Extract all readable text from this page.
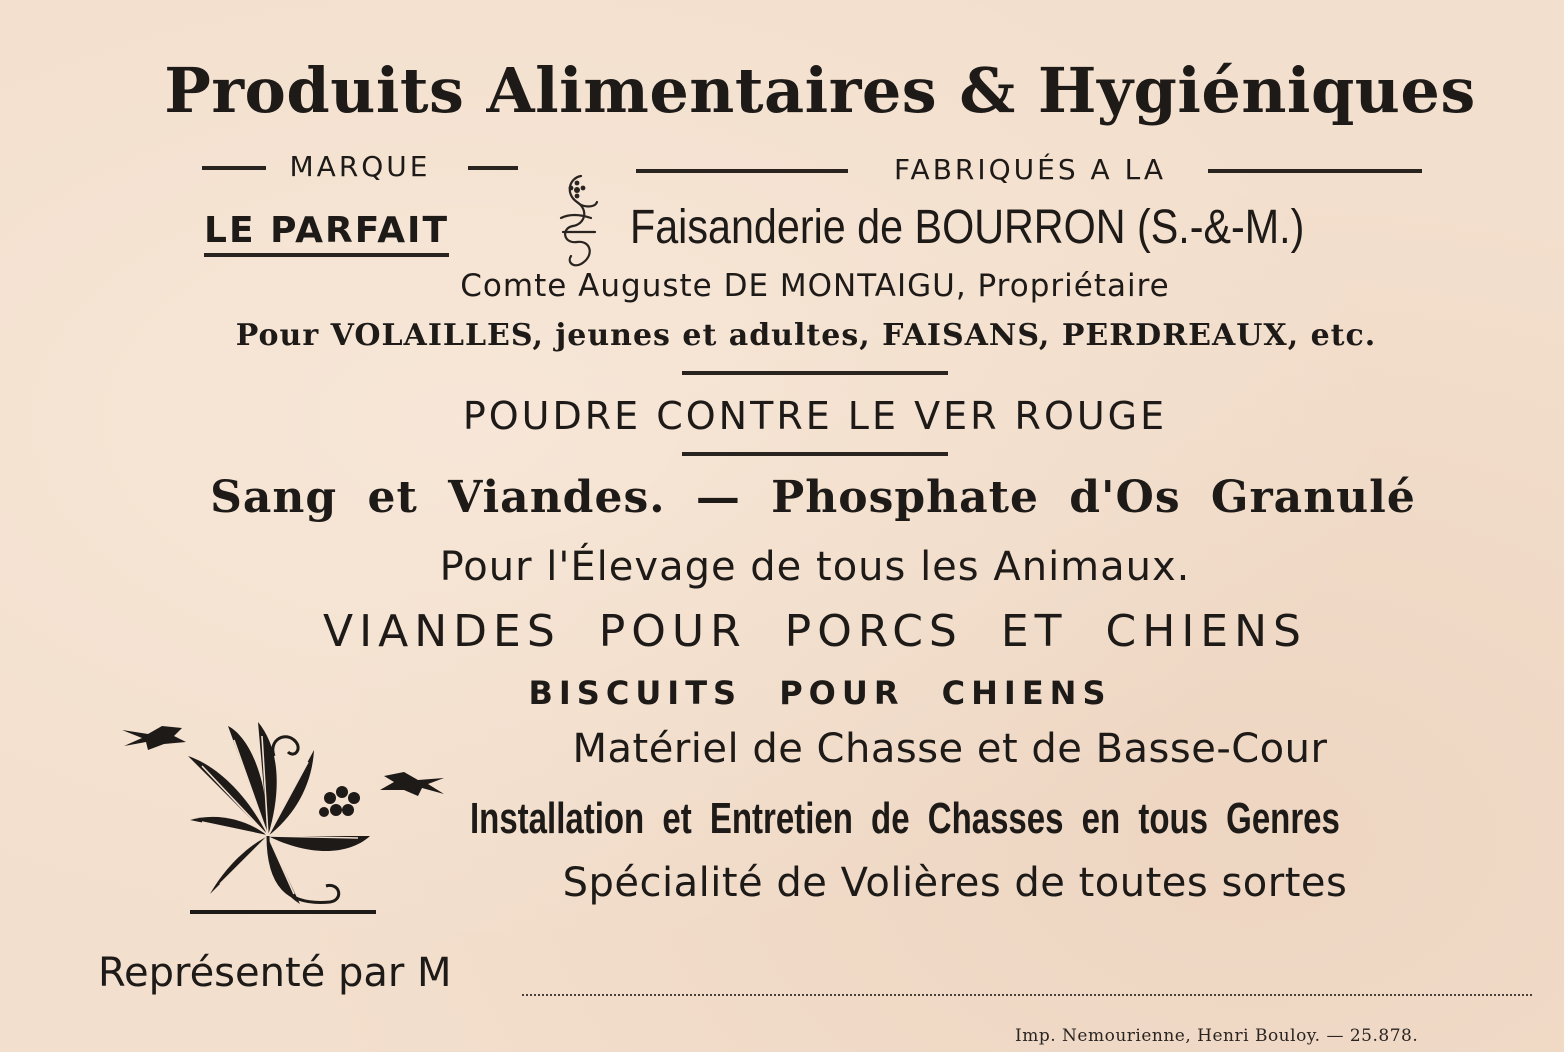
Produits Alimentaires & Hygiéniques
MARQUE	FABRIQUÉS A LA
LE PARFAIT	Faisanderie de BOURRON (S.-&-M.)
Comte Auguste DE MONTAIGU, Propriétaire
Pour VOLAILLES, jeunes et adultes, FAISANS, PERDREAUX, etc.
POUDRE CONTRE LE VER ROUGE
Sang et Viandes. — Phosphate d'Os Granulé
Pour l'Élevage de tous les Animaux.
VIANDES POUR PORCS ET CHIENS
BISCUITS POUR CHIENS
Matériel de Chasse et de Basse-Cour
Installation et Entretien de Chasses en tous Genres
Spécialité de Volières de toutes sortes
Représenté par M
Imp. Nemourienne, Henri Bouloy. — 25.878.
